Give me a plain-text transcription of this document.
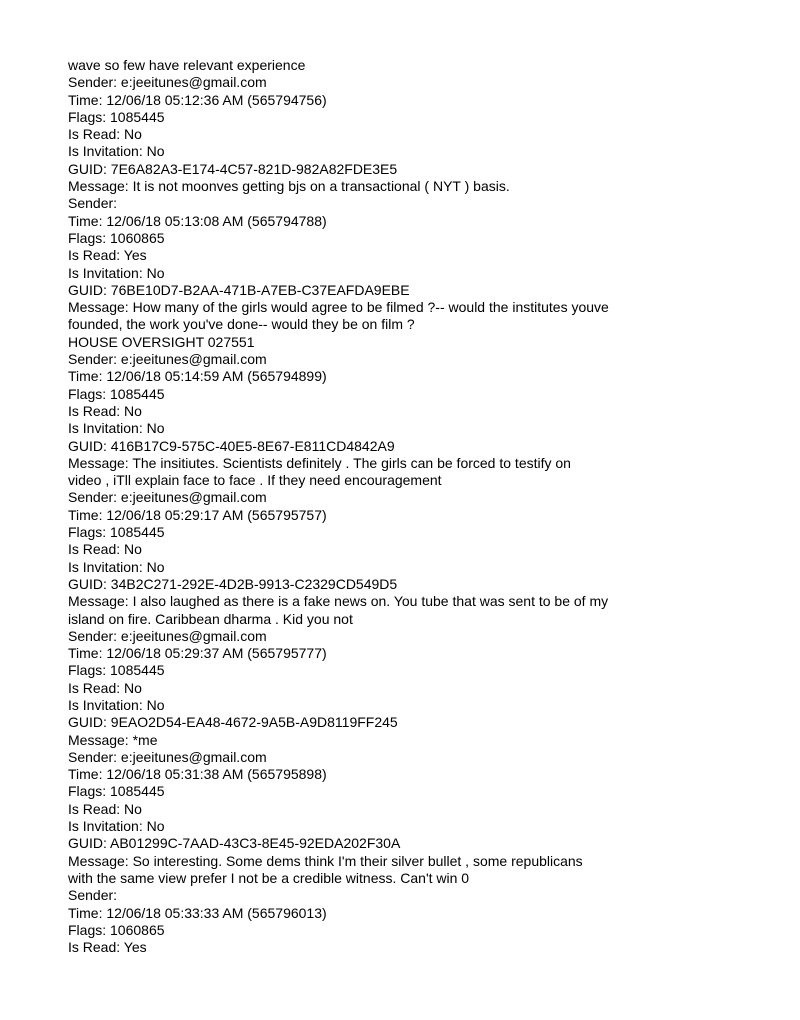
wave so few have relevant experience
Sender: e:jeeitunes@gmail.com
Time: 12/06/18 05:12:36 AM (565794756)
Flags: 1085445
Is Read: No
Is Invitation: No
GUID: 7E6A82A3-E174-4C57-821D-982A82FDE3E5
Message: It is not moonves getting bjs on a transactional ( NYT ) basis.
Sender:
Time: 12/06/18 05:13:08 AM (565794788)
Flags: 1060865
Is Read: Yes
Is Invitation: No
GUID: 76BE10D7-B2AA-471B-A7EB-C37EAFDA9EBE
Message: How many of the girls would agree to be filmed ?-- would the institutes youve
founded, the work you've done-- would they be on film ?
HOUSE OVERSIGHT 027551
Sender: e:jeeitunes@gmail.com
Time: 12/06/18 05:14:59 AM (565794899)
Flags: 1085445
Is Read: No
Is Invitation: No
GUID: 416B17C9-575C-40E5-8E67-E811CD4842A9
Message: The insitiutes. Scientists definitely . The girls can be forced to testify on
video , iTll explain face to face . If they need encouragement
Sender: e:jeeitunes@gmail.com
Time: 12/06/18 05:29:17 AM (565795757)
Flags: 1085445
Is Read: No
Is Invitation: No
GUID: 34B2C271-292E-4D2B-9913-C2329CD549D5
Message: I also laughed as there is a fake news on. You tube that was sent to be of my
island on fire. Caribbean dharma . Kid you not
Sender: e:jeeitunes@gmail.com
Time: 12/06/18 05:29:37 AM (565795777)
Flags: 1085445
Is Read: No
Is Invitation: No
GUID: 9EAO2D54-EA48-4672-9A5B-A9D8119FF245
Message: *me
Sender: e:jeeitunes@gmail.com
Time: 12/06/18 05:31:38 AM (565795898)
Flags: 1085445
Is Read: No
Is Invitation: No
GUID: AB01299C-7AAD-43C3-8E45-92EDA202F30A
Message: So interesting. Some dems think I'm their silver bullet , some republicans
with the same view prefer I not be a credible witness. Can't win 0
Sender:
Time: 12/06/18 05:33:33 AM (565796013)
Flags: 1060865
Is Read: Yes
